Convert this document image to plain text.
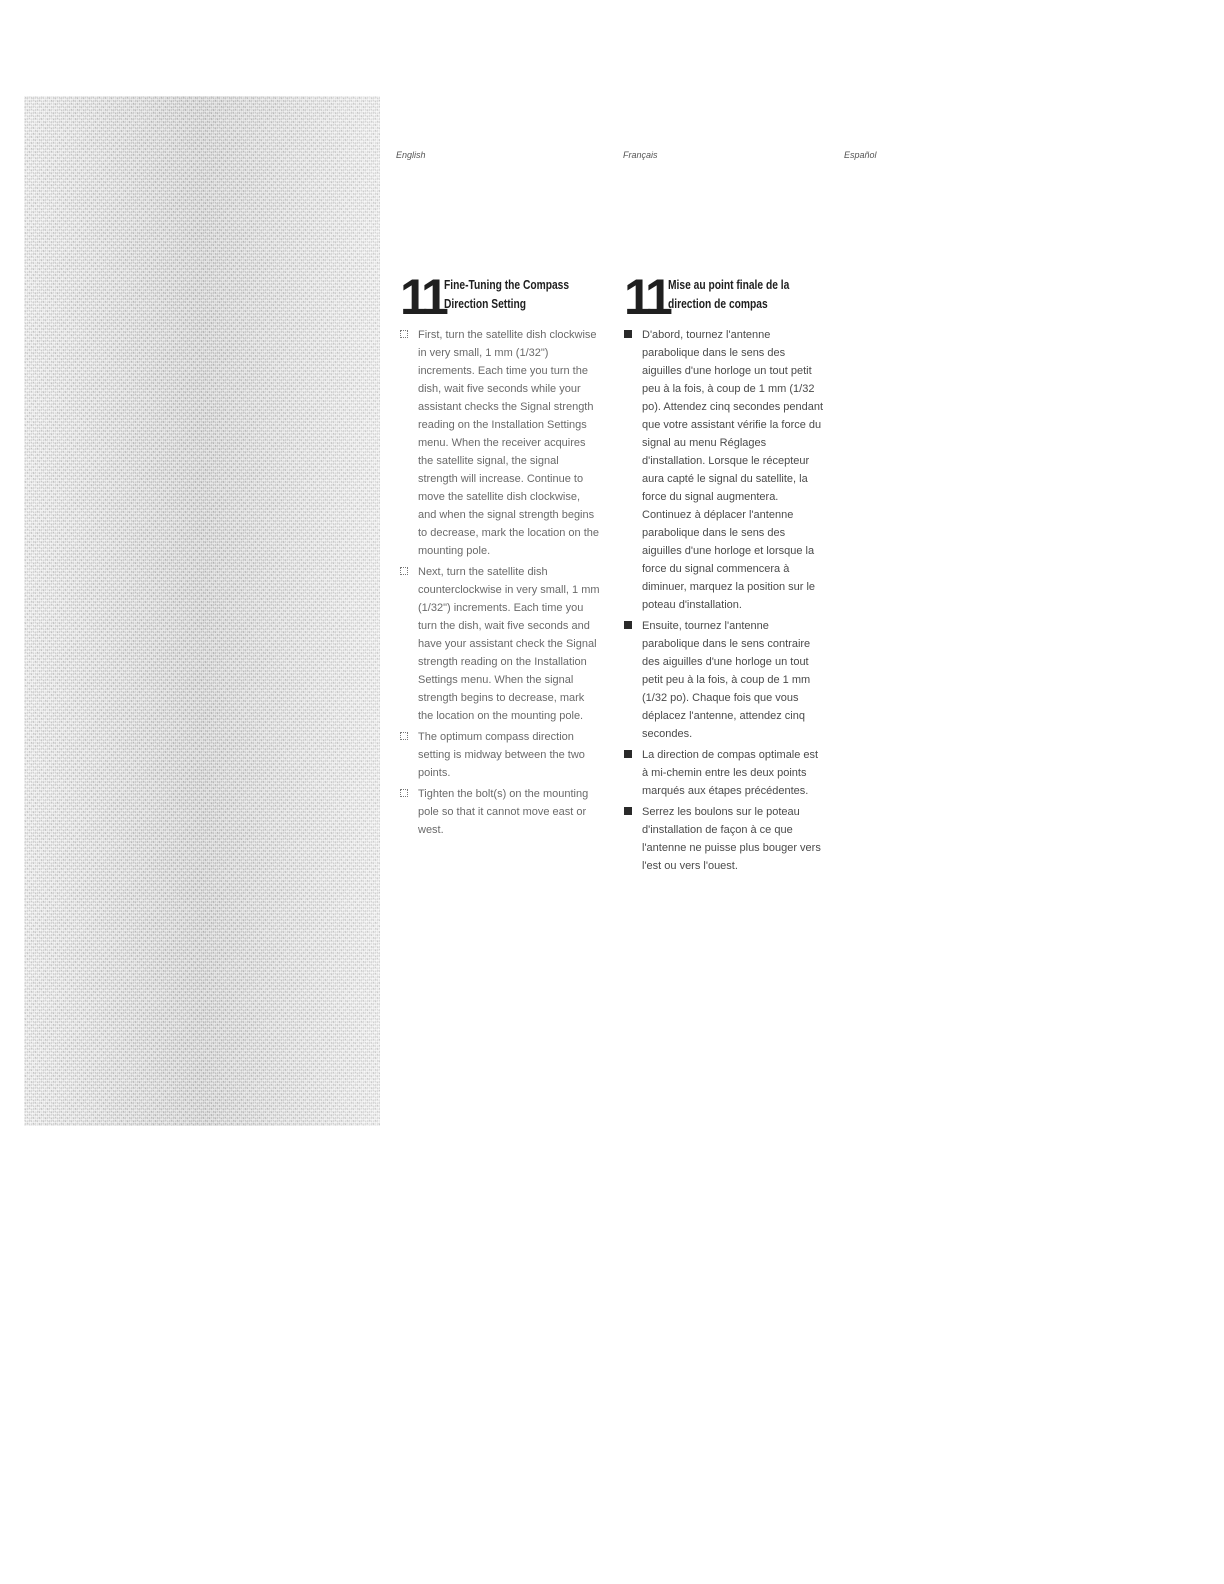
English	Français	Español
11 Fine-Tuning the Compass Direction Setting
First, turn the satellite dish clockwise in very small, 1 mm (1/32") increments. Each time you turn the dish, wait five seconds while your assistant checks the Signal strength reading on the Installation Settings menu. When the receiver acquires the satellite signal, the signal strength will increase. Continue to move the satellite dish clockwise, and when the signal strength begins to decrease, mark the location on the mounting pole.
Next, turn the satellite dish counterclockwise in very small, 1 mm (1/32") increments. Each time you turn the dish, wait five seconds and have your assistant check the Signal strength reading on the Installation Settings menu. When the signal strength begins to decrease, mark the location on the mounting pole.
The optimum compass direction setting is midway between the two points.
Tighten the bolt(s) on the mounting pole so that it cannot move east or west.
11 Mise au point finale de la direction de compas
D'abord, tournez l'antenne parabolique dans le sens des aiguilles d'une horloge un tout petit peu à la fois, à coup de 1 mm (1/32 po). Attendez cinq secondes pendant que votre assistant vérifie la force du signal au menu Réglages d'installation. Lorsque le récepteur aura capté le signal du satellite, la force du signal augmentera. Continuez à déplacer l'antenne parabolique dans le sens des aiguilles d'une horloge et lorsque la force du signal commencera à diminuer, marquez la position sur le poteau d'installation.
Ensuite, tournez l'antenne parabolique dans le sens contraire des aiguilles d'une horloge un tout petit peu à la fois, à coup de 1 mm (1/32 po). Chaque fois que vous déplacez l'antenne, attendez cinq secondes.
La direction de compas optimale est à mi-chemin entre les deux points marqués aux étapes précédentes.
Serrez les boulons sur le poteau d'installation de façon à ce que l'antenne ne puisse plus bouger vers l'est ou vers l'ouest.
